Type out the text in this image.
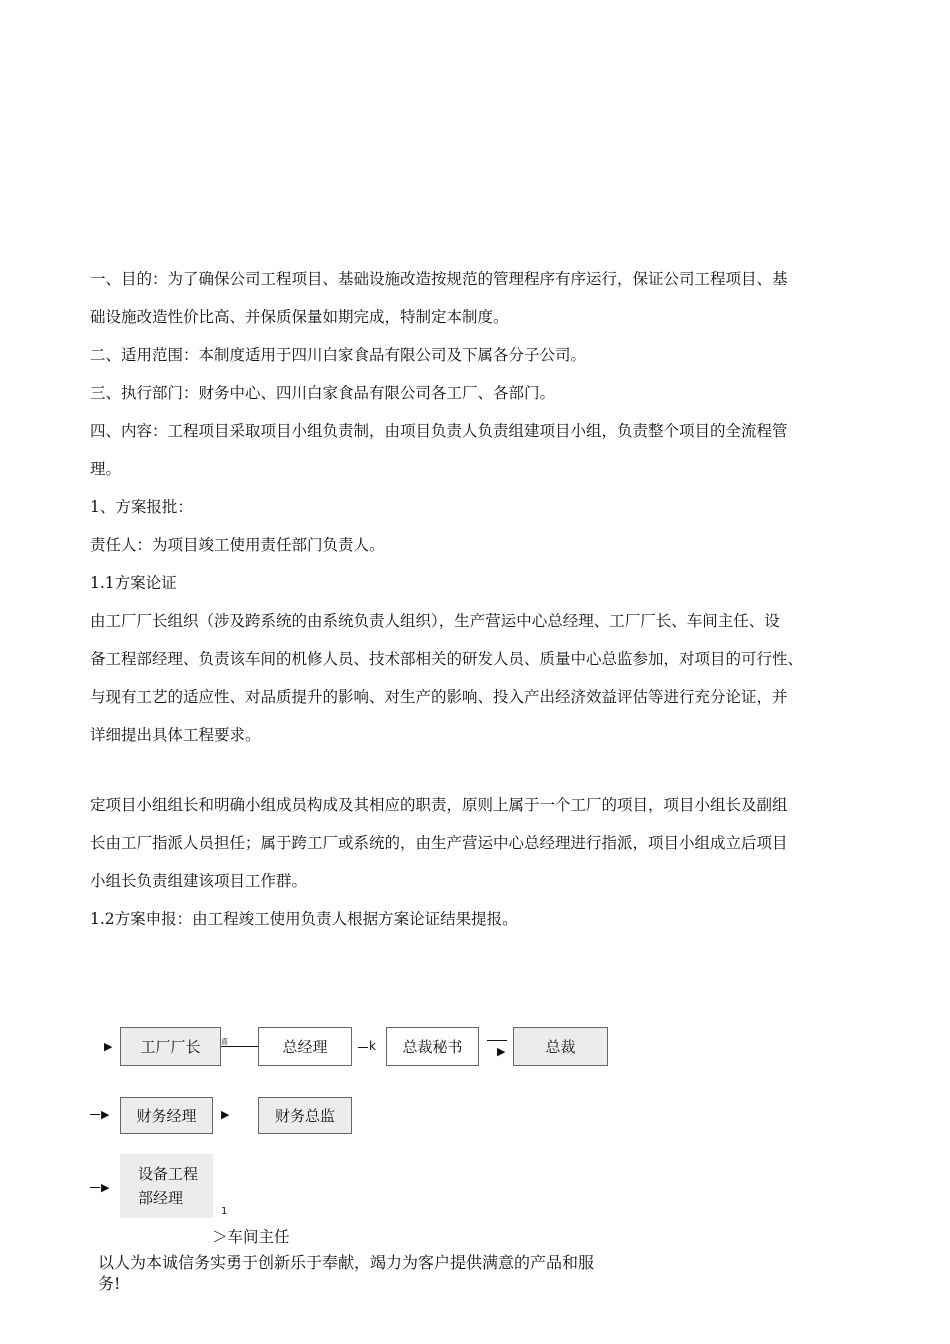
一、目的：为了确保公司工程项目、基础设施改造按规范的管理程序有序运行，保证公司工程项目、基
础设施改造性价比高、并保质保量如期完成，特制定本制度。
二、适用范围：本制度适用于四川白家食品有限公司及下属各分子公司。
三、执行部门：财务中心、四川白家食品有限公司各工厂、各部门。
四、内容：工程项目采取项目小组负责制，由项目负责人负责组建项目小组，负责整个项目的全流程管
理。
1、方案报批：
责任人：为项目竣工使用责任部门负责人。
1.1方案论证
由工厂厂长组织（涉及跨系统的由系统负责人组织），生产营运中心总经理、工厂厂长、车间主任、设
备工程部经理、负责该车间的机修人员、技术部相关的研发人员、质量中心总监参加，对项目的可行性、
与现有工艺的适应性、对品质提升的影响、对生产的影响、投入产出经济效益评估等进行充分论证，并
详细提出具体工程要求。
定项目小组组长和明确小组成员构成及其相应的职责，原则上属于一个工厂的项目，项目小组长及副组
长由工厂指派人员担任；属于跨工厂或系统的，由生产营运中心总经理进行指派，项目小组成立后项目
小组长负责组建该项目工作群。
1.2方案申报：由工程竣工使用负责人根据方案论证结果提报。
▶	工厂厂长	喜	总经理	k	总裁秘书	▶	总裁
▶	财务经理	▶	财务总监
▶
设备工程
部经理
1
＞车间主任
以人为本诚信务实勇于创新乐于奉献，竭力为客户提供满意的产品和服
务!
